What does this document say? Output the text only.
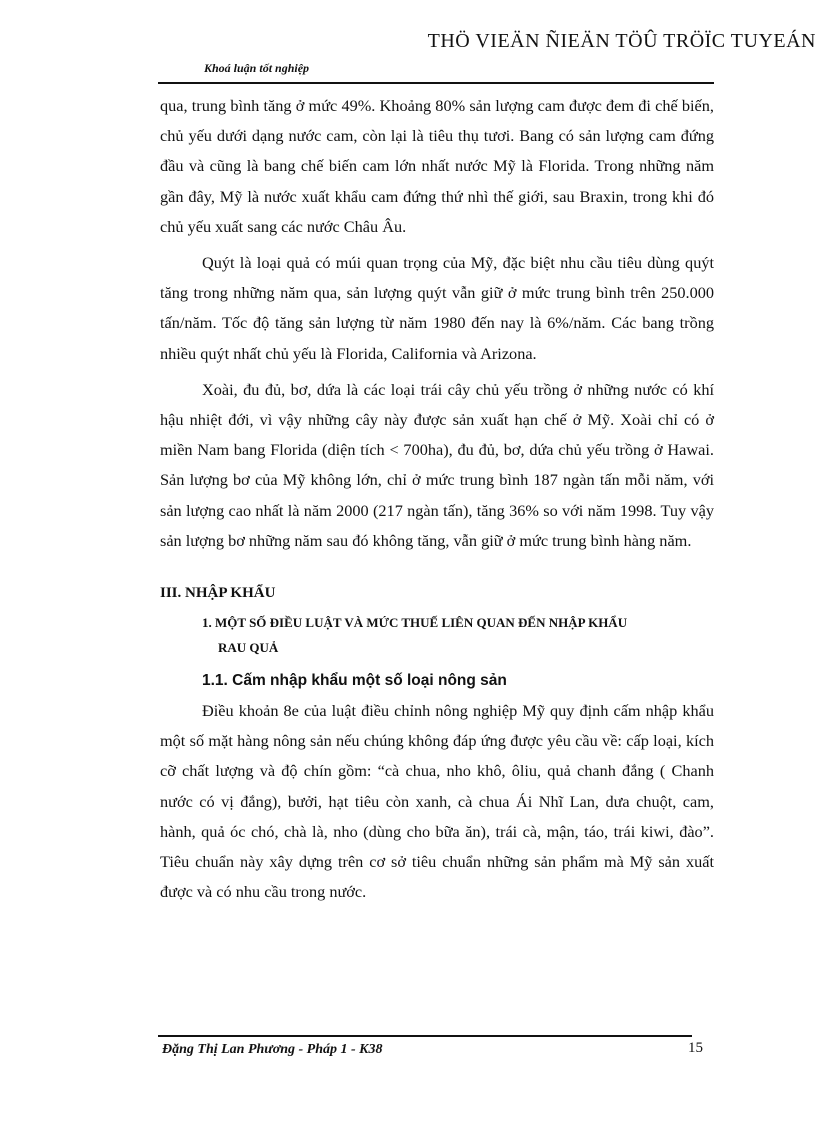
THÖ VIEÄN ÑIEÄN TÖÛ TRÖÏC TUYEÁN
Khoá luận tốt nghiệp

qua, trung bình tăng ở mức 49%. Khoảng 80% sản lượng cam được đem đi chế biến, chủ yếu dưới dạng nước cam, còn lại là tiêu thụ tươi. Bang có sản lượng cam đứng đầu và cũng là bang chế biến cam lớn nhất nước Mỹ là Florida. Trong những năm gần đây, Mỹ là nước xuất khẩu cam đứng thứ nhì thế giới, sau Braxin, trong khi đó chủ yếu xuất sang các nước Châu Âu.

Quýt là loại quả có múi quan trọng của Mỹ, đặc biệt nhu cầu tiêu dùng quýt tăng trong những năm qua, sản lượng quýt vẫn giữ ở mức trung bình trên 250.000 tấn/năm. Tốc độ tăng sản lượng từ năm 1980 đến nay là 6%/năm. Các bang trồng nhiều quýt nhất chủ yếu là Florida, California và Arizona.

Xoài, đu đủ, bơ, dứa là các loại trái cây chủ yếu trồng ở những nước có khí hậu nhiệt đới, vì vậy những cây này được sản xuất hạn chế ở Mỹ. Xoài chỉ có ở miền Nam bang Florida (diện tích < 700ha), đu đủ, bơ, dứa chủ yếu trồng ở Hawai. Sản lượng bơ của Mỹ không lớn, chỉ ở mức trung bình 187 ngàn tấn mỗi năm, với sản lượng cao nhất là năm 2000 (217 ngàn tấn), tăng 36% so với năm 1998. Tuy vậy sản lượng bơ những năm sau đó không tăng, vẫn giữ ở mức trung bình hàng năm.

III. NHẬP KHẨU
1. MỘT SỐ ĐIỀU LUẬT VÀ MỨC THUẾ LIÊN QUAN ĐẾN NHẬP KHẨU
RAU QUẢ
1.1. Cấm nhập khẩu một số loại nông sản

Điều khoản 8e của luật điều chỉnh nông nghiệp Mỹ quy định cấm nhập khẩu một số mặt hàng nông sản nếu chúng không đáp ứng được yêu cầu về: cấp loại, kích cỡ chất lượng và độ chín gồm: “cà chua, nho khô, ôliu, quả chanh đắng ( Chanh nước có vị đắng), bưởi, hạt tiêu còn xanh, cà chua Ái Nhĩ Lan, dưa chuột, cam, hành, quả óc chó, chà là, nho (dùng cho bữa ăn), trái cà, mận, táo, trái kiwi, đào”. Tiêu chuẩn này xây dựng trên cơ sở tiêu chuẩn những sản phẩm mà Mỹ sản xuất được và có nhu cầu trong nước.

Đặng Thị Lan Phương - Pháp 1 - K38	15
